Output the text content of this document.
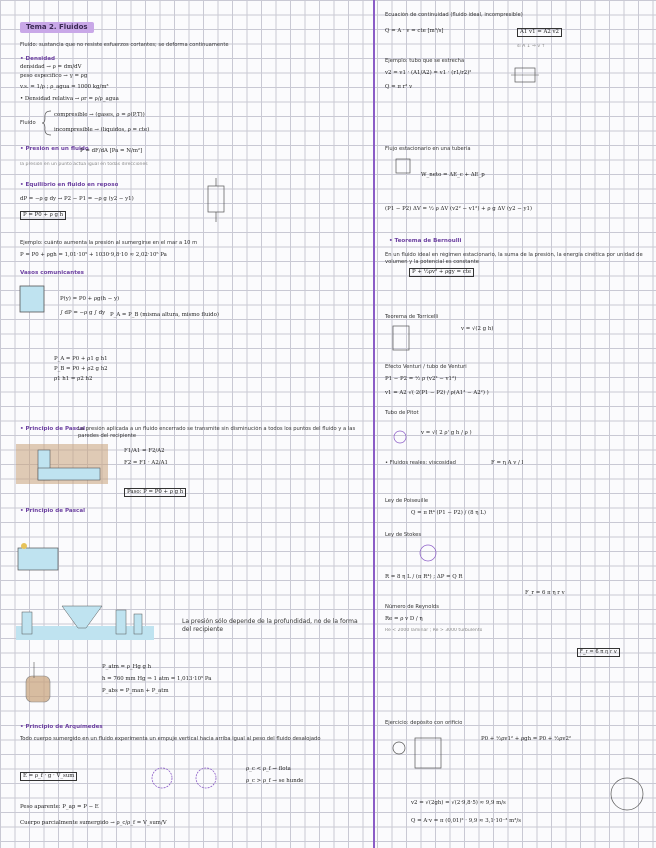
Tema 2. Fluidos
Fluido: sustancia que no resiste esfuerzos cortantes; se deforma continuamente
• Densidad
densidad → ρ = dm/dV
peso específico → γ = ρg
v.s. = 1/ρ ; ρ_agua = 1000 kg/m³
• Densidad relativa → ρr = ρ/ρ_agua
Fluido
compresible → (gases, ρ = ρ(P,T))
incompresible → (líquidos, ρ = cte)
• Presión en un fluido
P = dF/dA [Pa = N/m²]
la presión en un punto actúa igual en todas direcciones
• Equilibrio en fluido en reposo
dP = −ρ g dy → P2 − P1 = −ρ g (y2 − y1)
P = P0 + ρ g h
Ejemplo: cuánto aumenta la presión al sumergirse en el mar a 10 m
P = P0 + ρgh = 1,01·10⁵ + 1030·9,8·10 ≈ 2,02·10⁵ Pa
Vasos comunicantes
P(y) = P0 + ρg(h − y)
∫ dP = −ρ g ∫ dy P_A = P_B (misma altura, mismo fluido)
P_A = P0 + ρ1 g h1
P_B = P0 + ρ2 g h2
ρ1 h1 = ρ2 h2
• Principio de Pascal
La presión aplicada a un fluido encerrado se transmite sin disminución a todos los puntos del fluido y a las paredes del recipiente
F1/A1 = F2/A2
F2 = F1 · A2/A1
Paso: P = P0 + ρ g h
• Principio de Pascal
La presión sólo depende de la profundidad, no de la forma del recipiente
P_atm = ρ_Hg g h
h = 760 mm Hg ⇒ 1 atm = 1,013·10⁵ Pa
P_abs = P_man + P_atm
• Principio de Arquímedes
Todo cuerpo sumergido en un fluido experimenta un empuje vertical hacia arriba igual al peso del fluido desalojado
E = ρ_f · g · V_sum
ρ_c < ρ_f → flota
ρ_c > ρ_f → se hunde
Peso aparente: P_ap = P − E
Cuerpo parcialmente sumergido → ρ_c/ρ_f = V_sum/V
Ecuación de continuidad (fluido ideal, incompresible)
Q = A · v = cte [m³/s]	A1 v1 = A2 v2
si A ↓ ⇒ v ↑
Ejemplo: tubo que se estrecha
v2 = v1 · (A1/A2) = v1 · (r1/r2)²
Q = π r² v
Flujo estacionario en una tubería
W_neto = ΔE_c + ΔE_p
(P1 − P2) ΔV = ½ ρ ΔV (v2² − v1²) + ρ g ΔV (y2 − y1)
• Teorema de Bernoulli
En un fluido ideal en régimen estacionario, la suma de la presión, la energía cinética por unidad de volumen y la potencial es constante
P + ½ρv² + ρgy = cte
Teorema de Torricelli
v = √(2 g h)
Efecto Venturi / tubo de Venturi
P1 − P2 = ½ ρ (v2² − v1²)
v1 = A2 √( 2(P1 − P2) / ρ(A1² − A2²) )
Tubo de Pitot
v = √( 2 ρ' g h / ρ )
• Fluidos reales: viscosidad	F = η A v / l
Ley de Poiseuille
Q = π R⁴ (P1 − P2) / (8 η L)
Ley de Stokes
R = 8 η L / (π R⁴) ; ΔP = Q R
F_r = 6 π η r v
Número de Reynolds
Re = ρ v D / η
Re < 2000 laminar ; Re > 3000 turbulento
F_r = 6 π η r v
Ejercicio: depósito con orificio
P0 + ½ρv1² + ρgh = P0 + ½ρv2²
v2 = √(2gh) = √(2·9,8·5) ≈ 9,9 m/s
Q = A·v = π (0,01)² · 9,9 ≈ 3,1·10⁻³ m³/s
